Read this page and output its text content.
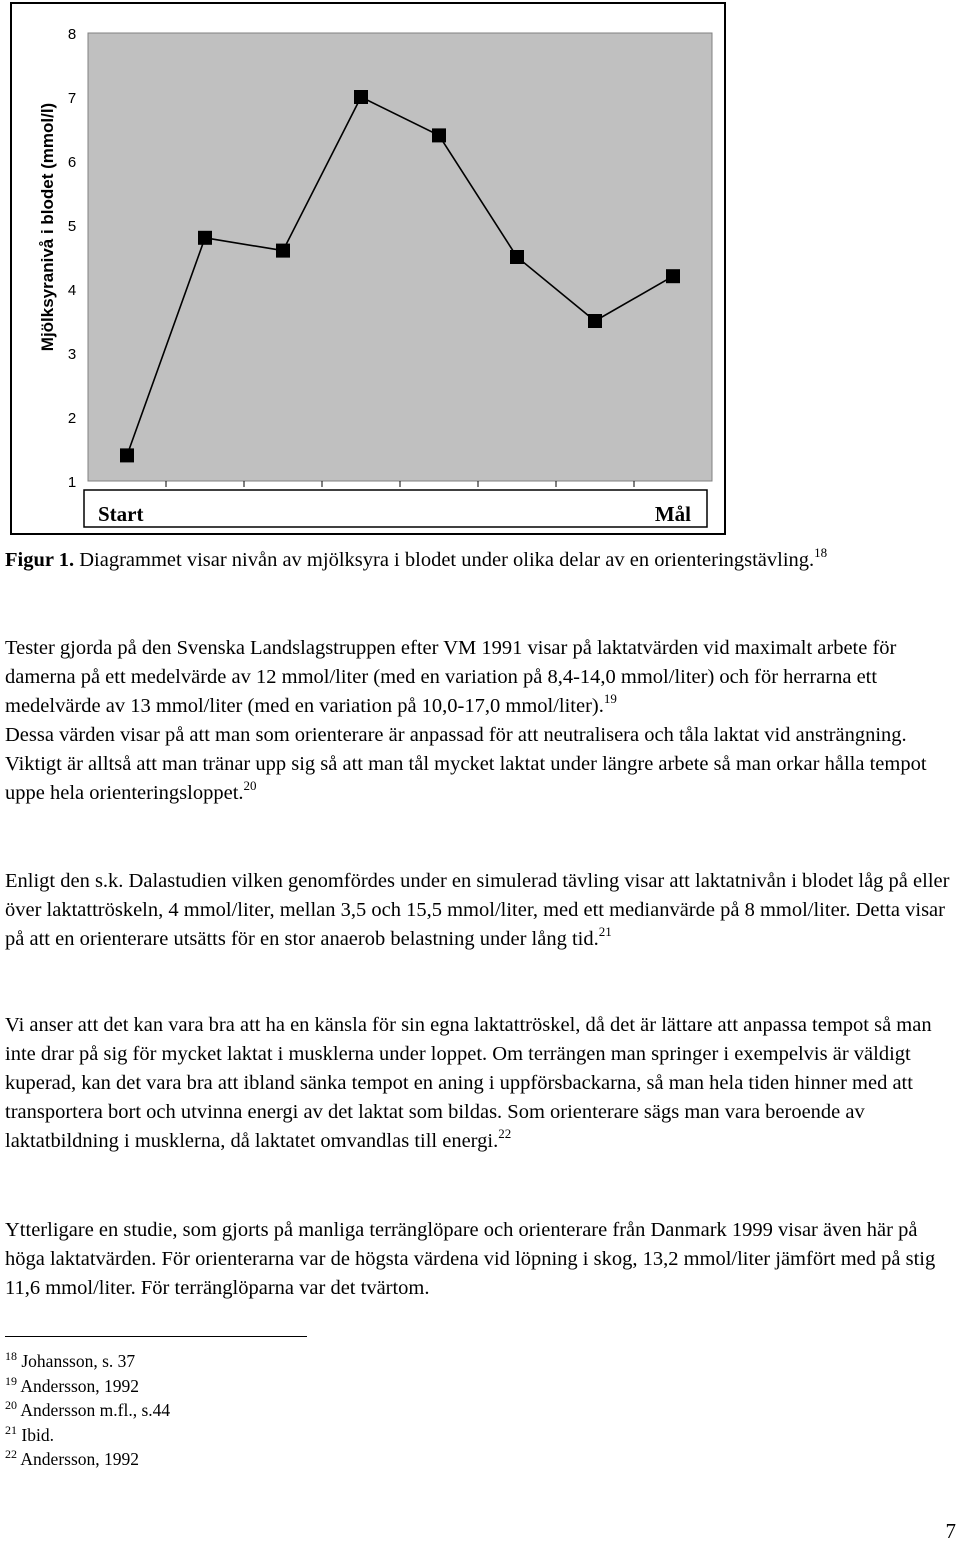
1
2
3
4
5
6
7
8
Mjölksyranivå i blodet (mmol/l)
Start	Mål

Figur 1. Diagrammet visar nivån av mjölksyra i blodet under olika delar av en orienteringstävling.$^{18}$

Tester gjorda på den Svenska Landslagstruppen efter VM 1991 visar på laktatvärden vid maximalt arbete för damerna på ett medelvärde av 12 mmol/liter (med en variation på 8,4-14,0 mmol/liter) och för herrarna ett medelvärde av 13 mmol/liter (med en variation på 10,0-17,0 mmol/liter).$^{19}$
Dessa värden visar på att man som orienterare är anpassad för att neutralisera och tåla laktat vid ansträngning. Viktigt är alltså att man tränar upp sig så att man tål mycket laktat under längre arbete så man orkar hålla tempot uppe hela orienteringsloppet.$^{20}$

Enligt den s.k. Dalastudien vilken genomfördes under en simulerad tävling visar att laktatnivån i blodet låg på eller över laktattröskeln, 4 mmol/liter, mellan 3,5 och 15,5 mmol/liter, med ett medianvärde på 8 mmol/liter. Detta visar på att en orienterare utsätts för en stor anaerob belastning under lång tid.$^{21}$

Vi anser att det kan vara bra att ha en känsla för sin egna laktattröskel, då det är lättare att anpassa tempot så man inte drar på sig för mycket laktat i musklerna under loppet. Om terrängen man springer i exempelvis är väldigt kuperad, kan det vara bra att ibland sänka tempot en aning i uppförsbackarna, så man hela tiden hinner med att transportera bort och utvinna energi av det laktat som bildas. Som orienterare sägs man vara beroende av laktatbildning i musklerna, då laktatet omvandlas till energi.$^{22}$

Ytterligare en studie, som gjorts på manliga terränglöpare och orienterare från Danmark 1999 visar även här på höga laktatvärden. För orienterarna var de högsta värdena vid löpning i skog, 13,2 mmol/liter jämfört med på stig 11,6 mmol/liter. För terränglöparna var det tvärtom.

$^{18}$ Johansson, s. 37
$^{19}$ Andersson, 1992
$^{20}$ Andersson m.fl., s.44
$^{21}$ Ibid.
$^{22}$ Andersson, 1992
7
